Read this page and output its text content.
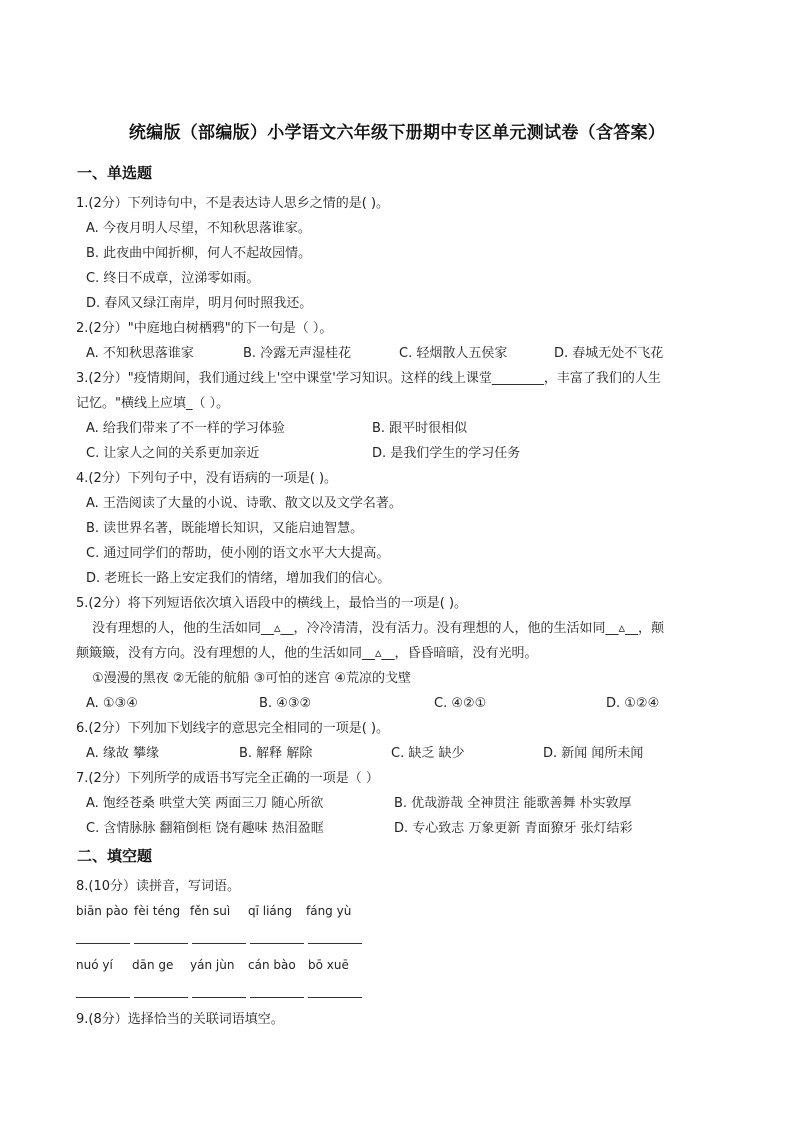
统编版（部编版）小学语文六年级下册期中专区单元测试卷（含答案）
一、单选题
1.(2分）下列诗句中，不是表达诗人思乡之情的是( )。
A. 今夜月明人尽望，不知秋思落谁家。
B. 此夜曲中闻折柳，何人不起故园情。
C. 终日不成章，泣涕零如雨。
D. 春风又绿江南岸，明月何时照我还。
2.(2分）"中庭地白树栖鸦"的下一句是（ ）。
A. 不知秋思落谁家	B. 冷露无声湿桂花	C. 轻烟散人五侯家	D. 春城无处不飞花
3.(2分）"疫情期间，我们通过线上'空中课堂'学习知识。这样的线上课堂________，丰富了我们的人生
记忆。"横线上应填_（ ）。
A. 给我们带来了不一样的学习体验	B. 跟平时很相似
C. 让家人之间的关系更加亲近	D. 是我们学生的学习任务
4.(2分）下列句子中，没有语病的一项是( )。
A. 王浩阅读了大量的小说、诗歌、散文以及文学名著。
B. 读世界名著，既能增长知识，又能启迪智慧。
C. 通过同学们的帮助，使小刚的语文水平大大提高。
D. 老班长一路上安定我们的情绪，增加我们的信心。
5.(2分）将下列短语依次填入语段中的横线上，最恰当的一项是( )。
没有理想的人，他的生活如同__▵__，冷冷清清，没有活力。没有理想的人，他的生活如同__▵__，颠
颠簸簸，没有方向。没有理想的人，他的生活如同__▵__，昏昏暗暗，没有光明。
①漫漫的黑夜 ②无能的航船 ③可怕的迷宫 ④荒凉的戈壁
A. ①③④	B. ④③②	C. ④②①	D. ①②④
6.(2分）下列加下划线字的意思完全相同的一项是( )。
A. 缘故 攀缘	B. 解释 解除	C. 缺乏 缺少	D. 新闻 闻所未闻
7.(2分）下列所学的成语书写完全正确的一项是（ ）
A. 饱经苍桑 哄堂大笑 两面三刀 随心所欲	B. 优哉游哉 全神贯注 能歌善舞 朴实敦厚
C. 含情脉脉 翻箱倒柜 饶有趣味 热泪盈眶	D. 专心致志 万象更新 青面獠牙 张灯结彩
二、填空题
8.(10分）读拼音，写词语。
biān pào fèi téng fěn suì qī liáng fáng yù
nuó yí dān ge yán jùn cán bào bō xuē
9.(8分）选择恰当的关联词语填空。
